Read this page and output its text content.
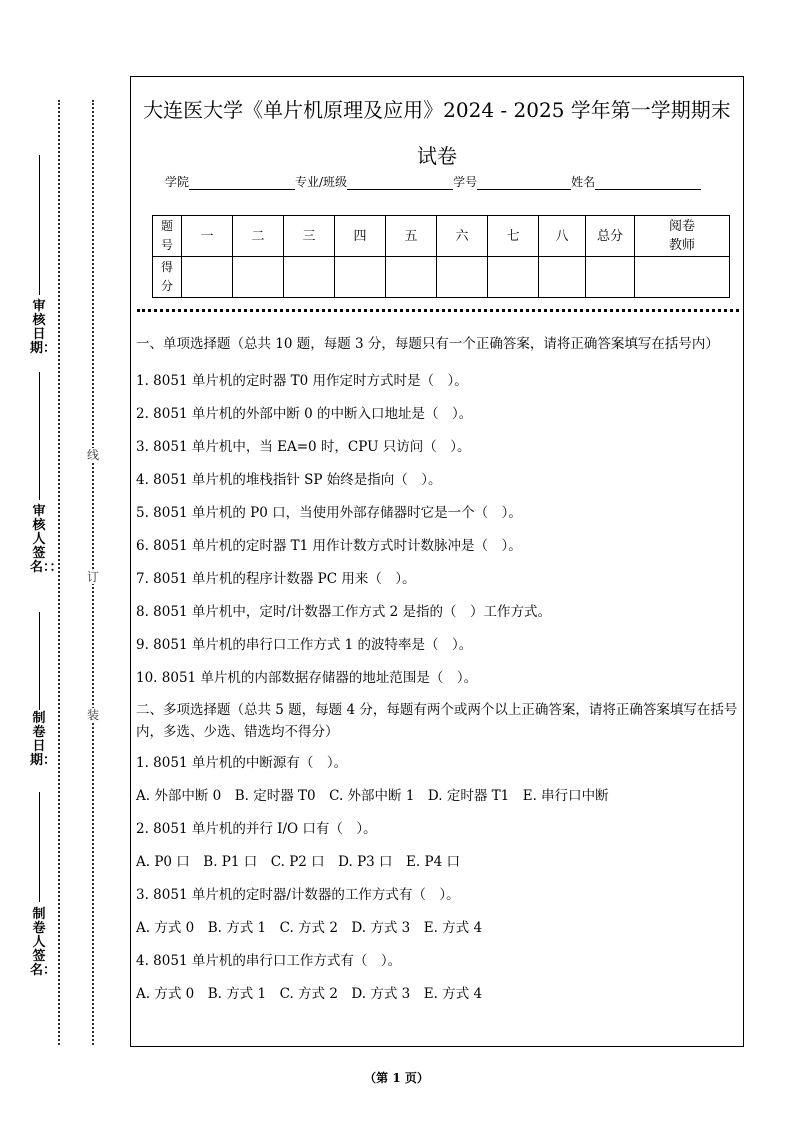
审核日期：
审核人签名：：
制卷日期：
制卷人签名：
线
订
装
大连医大学《单片机原理及应用》2024 - 2025 学年第一学期期末
试卷
学院	专业/班级	学号	姓名
题号	一	二	三	四	五	六	七	八	总分	阅卷教师

得分										

一、单项选择题（总共 10 题，每题 3 分，每题只有一个正确答案，请将正确答案填写在括号内）

1. 8051 单片机的定时器 T0 用作定时方式时是（　）。

2. 8051 单片机的外部中断 0 的中断入口地址是（　）。

3. 8051 单片机中，当 EA=0 时，CPU 只访问（　）。

4. 8051 单片机的堆栈指针 SP 始终是指向（　）。

5. 8051 单片机的 P0 口，当使用外部存储器时它是一个（　）。

6. 8051 单片机的定时器 T1 用作计数方式时计数脉冲是（　）。

7. 8051 单片机的程序计数器 PC 用来（　）。

8. 8051 单片机中，定时/计数器工作方式 2 是指的（　）工作方式。

9. 8051 单片机的串行口工作方式 1 的波特率是（　）。

10. 8051 单片机的内部数据存储器的地址范围是（　）。

二、多项选择题（总共 5 题，每题 4 分，每题有两个或两个以上正确答案，请将正确答案填写在括号内，多选、少选、错选均不得分）

1. 8051 单片机的中断源有（　）。

A. 外部中断 0　B. 定时器 T0　C. 外部中断 1　D. 定时器 T1　E. 串行口中断

2. 8051 单片机的并行 I/O 口有（　）。

A. P0 口　B. P1 口　C. P2 口　D. P3 口　E. P4 口

3. 8051 单片机的定时器/计数器的工作方式有（　）。

A. 方式 0　B. 方式 1　C. 方式 2　D. 方式 3　E. 方式 4

4. 8051 单片机的串行口工作方式有（　）。

A. 方式 0　B. 方式 1　C. 方式 2　D. 方式 3　E. 方式 4

（第 1 页）
